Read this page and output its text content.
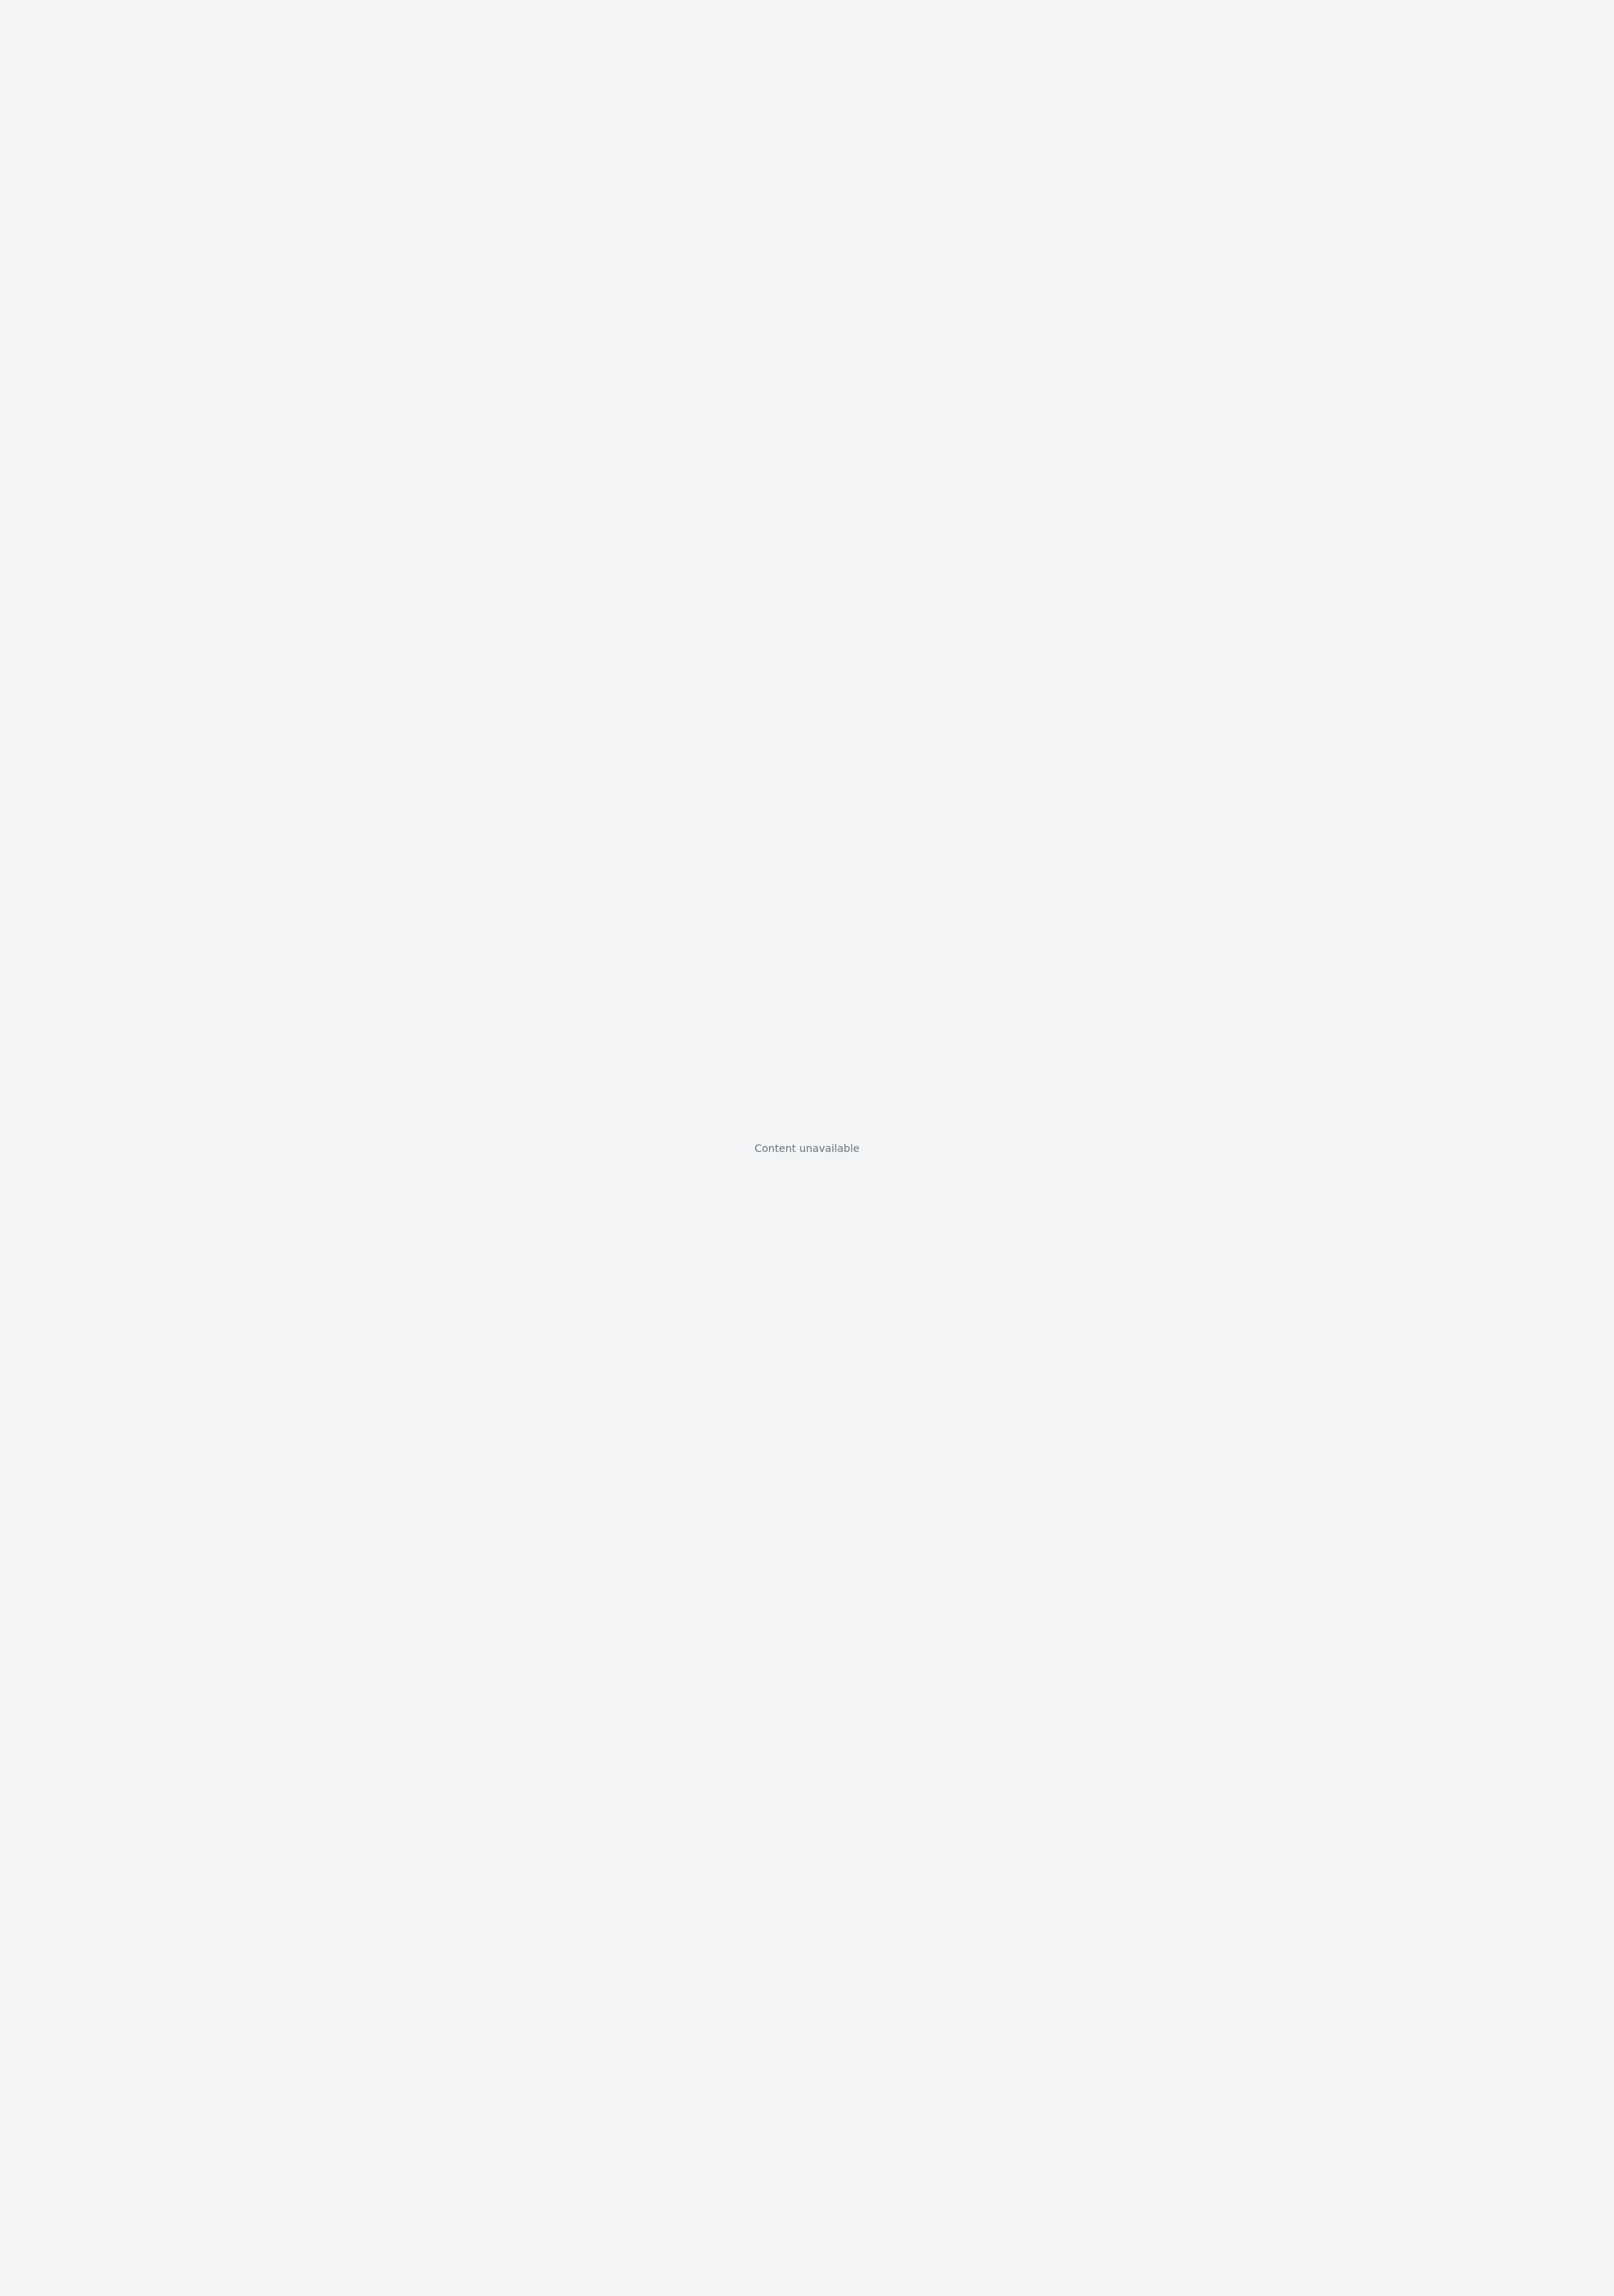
Content unavailable
